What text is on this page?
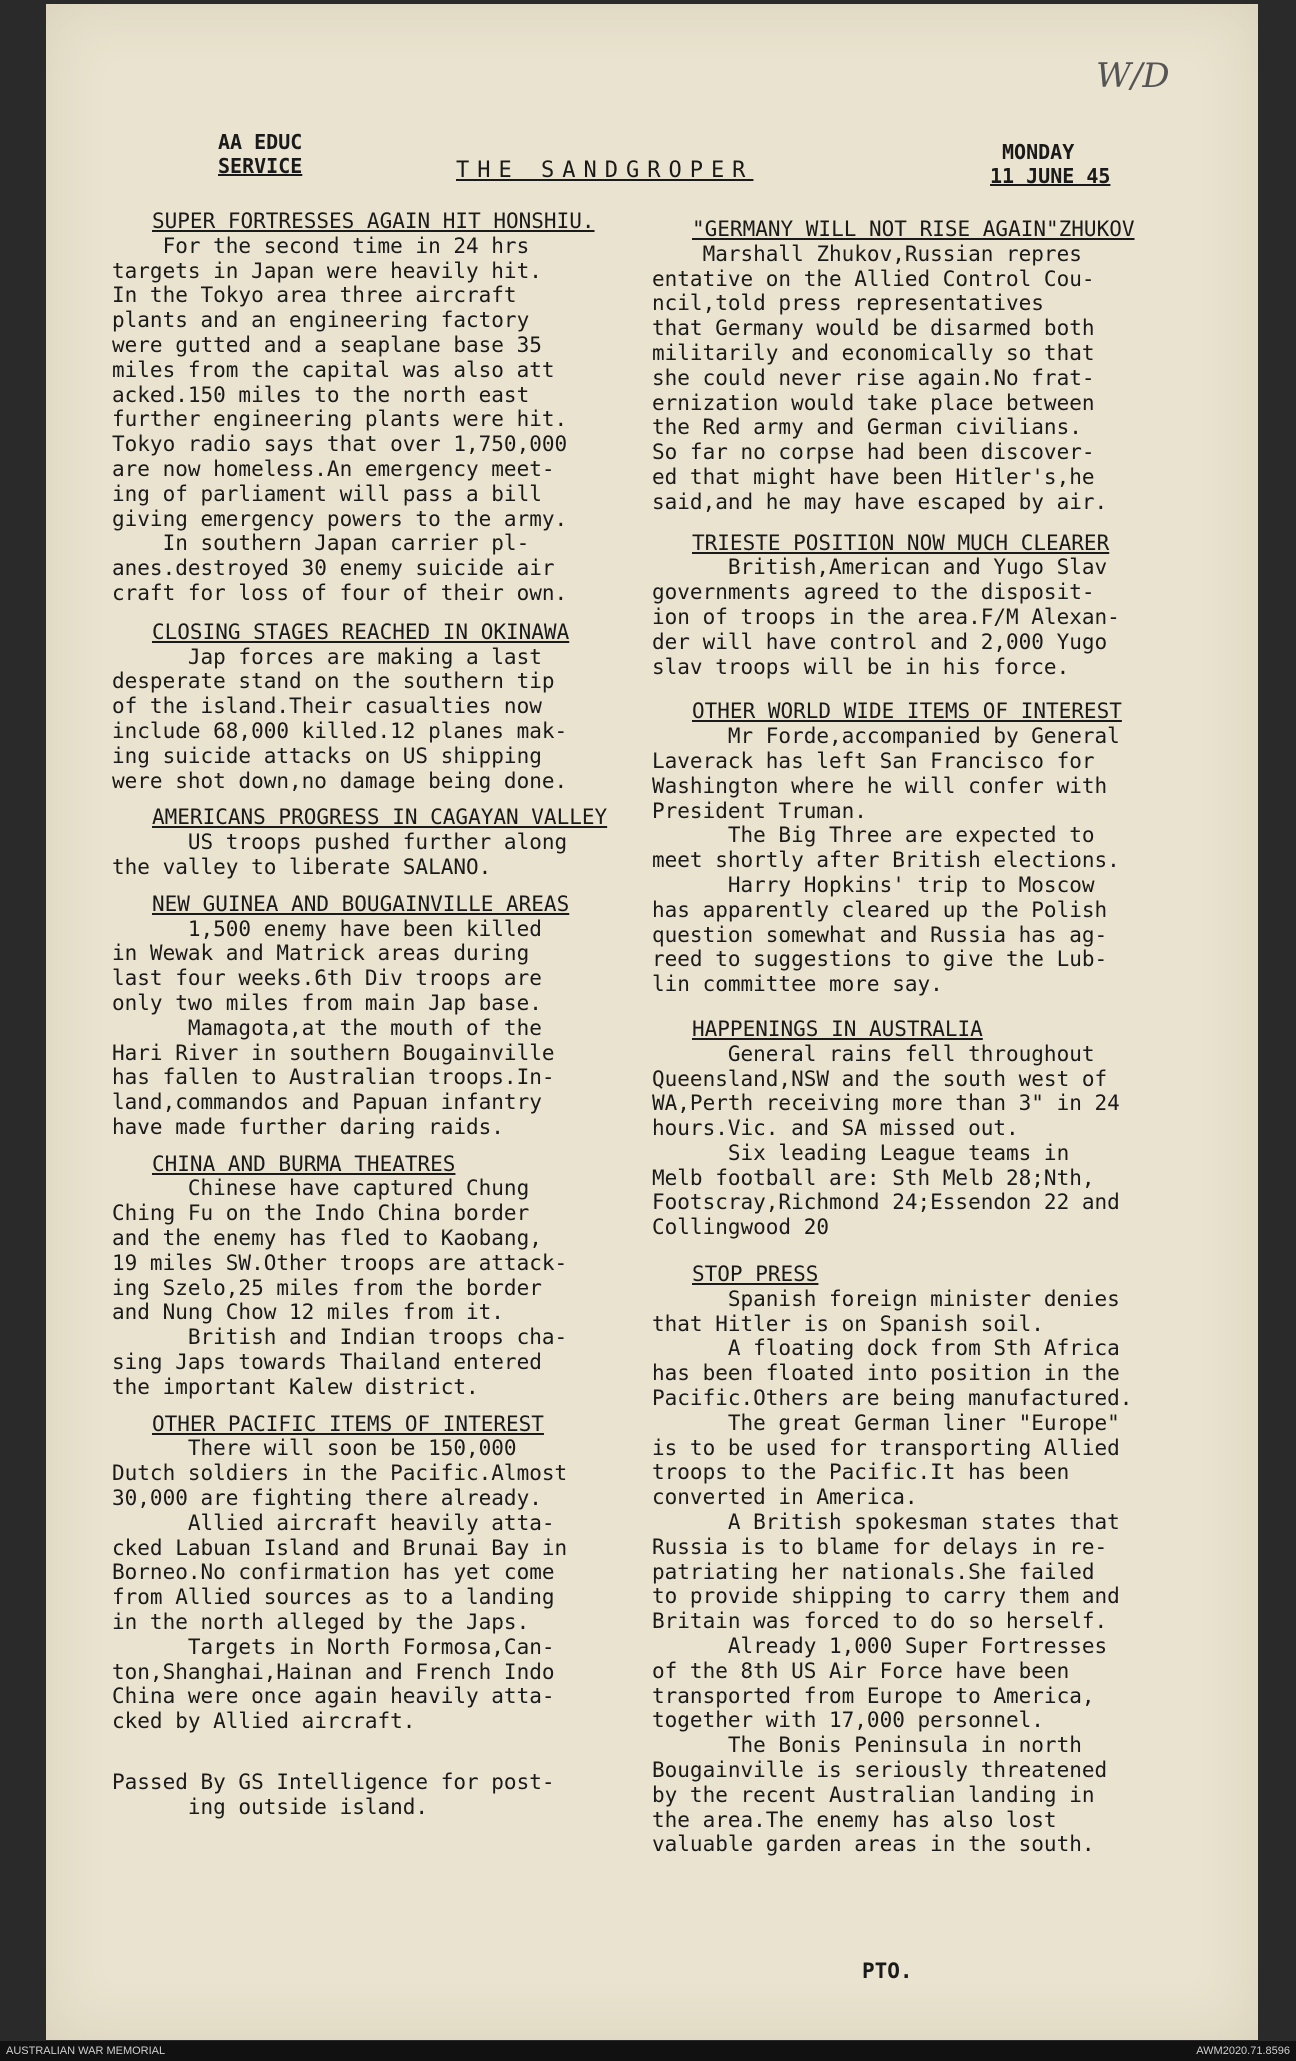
W/D
AA EDUC
SERVICE	THE SANDGROPER
MONDAY
11 JUNE 45
SUPER FORTRESSES AGAIN HIT HONSHIU.
For the second time in 24 hrs
targets in Japan were heavily hit.
In the Tokyo area three aircraft
plants and an engineering factory
were gutted and a seaplane base 35
miles from the capital was also att
acked.150 miles to the north east
further engineering plants were hit.
Tokyo radio says that over 1,750,000
are now homeless.An emergency meet-
ing of parliament will pass a bill
giving emergency powers to the army.
In southern Japan carrier pl-
anes.destroyed 30 enemy suicide air
craft for loss of four of their own.
CLOSING STAGES REACHED IN OKINAWA
Jap forces are making a last
desperate stand on the southern tip
of the island.Their casualties now
include 68,000 killed.12 planes mak-
ing suicide attacks on US shipping
were shot down,no damage being done.
AMERICANS PROGRESS IN CAGAYAN VALLEY
US troops pushed further along
the valley to liberate SALANO.
NEW GUINEA AND BOUGAINVILLE AREAS
1,500 enemy have been killed
in Wewak and Matrick areas during
last four weeks.6th Div troops are
only two miles from main Jap base.
Mamagota,at the mouth of the
Hari River in southern Bougainville
has fallen to Australian troops.In-
land,commandos and Papuan infantry
have made further daring raids.
CHINA AND BURMA THEATRES
Chinese have captured Chung
Ching Fu on the Indo China border
and the enemy has fled to Kaobang,
19 miles SW.Other troops are attack-
ing Szelo,25 miles from the border
and Nung Chow 12 miles from it.
British and Indian troops cha-
sing Japs towards Thailand entered
the important Kalew district.
OTHER PACIFIC ITEMS OF INTEREST
There will soon be 150,000
Dutch soldiers in the Pacific.Almost
30,000 are fighting there already.
Allied aircraft heavily atta-
cked Labuan Island and Brunai Bay in
Borneo.No confirmation has yet come
from Allied sources as to a landing
in the north alleged by the Japs.
Targets in North Formosa,Can-
ton,Shanghai,Hainan and French Indo
China were once again heavily atta-
cked by Allied aircraft.
Passed By GS Intelligence for post-
ing outside island.
"GERMANY WILL NOT RISE AGAIN"ZHUKOV
Marshall Zhukov,Russian repres
entative on the Allied Control Cou-
ncil,told press representatives
that Germany would be disarmed both
militarily and economically so that
she could never rise again.No frat-
ernization would take place between
the Red army and German civilians.
So far no corpse had been discover-
ed that might have been Hitler's,he
said,and he may have escaped by air.
TRIESTE POSITION NOW MUCH CLEARER
British,American and Yugo Slav
governments agreed to the disposit-
ion of troops in the area.F/M Alexan-
der will have control and 2,000 Yugo
slav troops will be in his force.
OTHER WORLD WIDE ITEMS OF INTEREST
Mr Forde,accompanied by General
Laverack has left San Francisco for
Washington where he will confer with
President Truman.
The Big Three are expected to
meet shortly after British elections.
Harry Hopkins' trip to Moscow
has apparently cleared up the Polish
question somewhat and Russia has ag-
reed to suggestions to give the Lub-
lin committee more say.
HAPPENINGS IN AUSTRALIA
General rains fell throughout
Queensland,NSW and the south west of
WA,Perth receiving more than 3" in 24
hours.Vic. and SA missed out.
Six leading League teams in
Melb football are: Sth Melb 28;Nth,
Footscray,Richmond 24;Essendon 22 and
Collingwood 20
STOP PRESS
Spanish foreign minister denies
that Hitler is on Spanish soil.
A floating dock from Sth Africa
has been floated into position in the
Pacific.Others are being manufactured.
The great German liner "Europe"
is to be used for transporting Allied
troops to the Pacific.It has been
converted in America.
A British spokesman states that
Russia is to blame for delays in re-
patriating her nationals.She failed
to provide shipping to carry them and
Britain was forced to do so herself.
Already 1,000 Super Fortresses
of the 8th US Air Force have been
transported from Europe to America,
together with 17,000 personnel.
The Bonis Peninsula in north
Bougainville is seriously threatened
by the recent Australian landing in
the area.The enemy has also lost
valuable garden areas in the south.
PTO.
AUSTRALIAN WAR MEMORIAL	AWM2020.71.8596
